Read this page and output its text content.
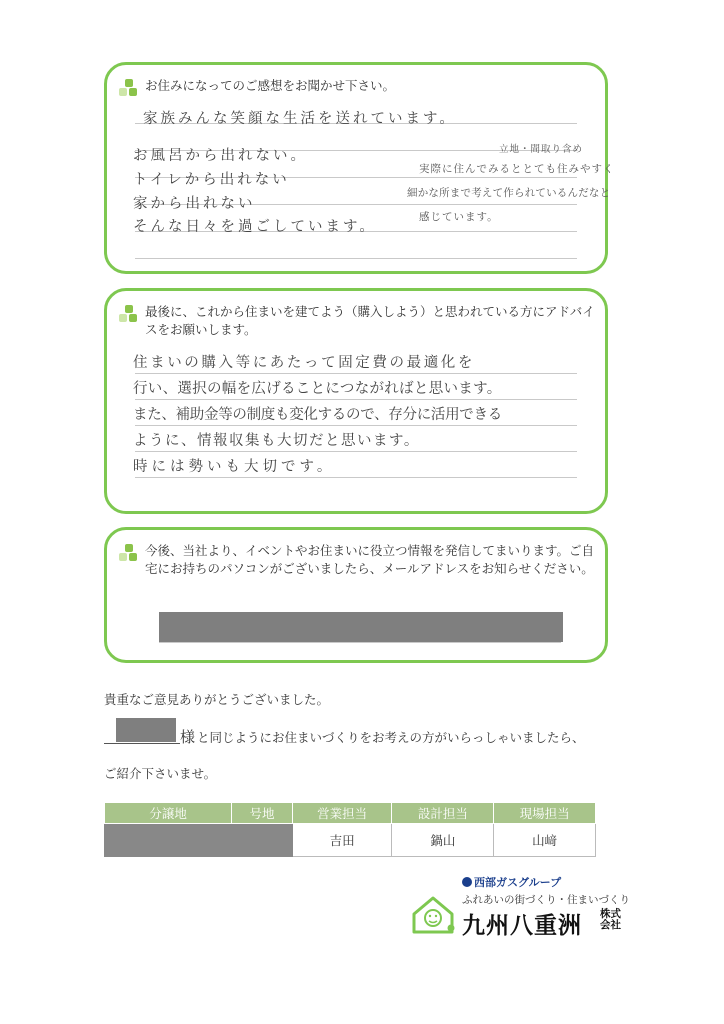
お住みになってのご感想をお聞かせ下さい。
家族みんな笑顔な生活を送れています。
お風呂から出れない。
トイレから出れない
家から出れない
そんな日々を過ごしています。
立地・間取り含め
実際に住んでみるととても住みやすく
細かな所まで考えて作られているんだなと
感じています。
最後に、これから住まいを建てよう（購入しよう）と思われている方にアドバイスをお願いします。
住まいの購入等にあたって固定費の最適化を
行い、選択の幅を広げることにつながればと思います。
また、補助金等の制度も変化するので、存分に活用できる
ように、情報収集も大切だと思います。
時には勢いも大切です。
今後、当社より、イベントやお住まいに役立つ情報を発信してまいります。ご自宅にお持ちのパソコンがございましたら、メールアドレスをお知らせください。
貴重なご意見ありがとうございました。
様 と同じようにお住まいづくりをお考えの方がいらっしゃいましたら、
ご紹介下さいませ。
分譲地	号地	営業担当	設計担当	現場担当
		吉田	鍋山	山﨑
西部ガスグループ
ふれあいの街づくり・住まいづくり
九州八重洲 株式会社
